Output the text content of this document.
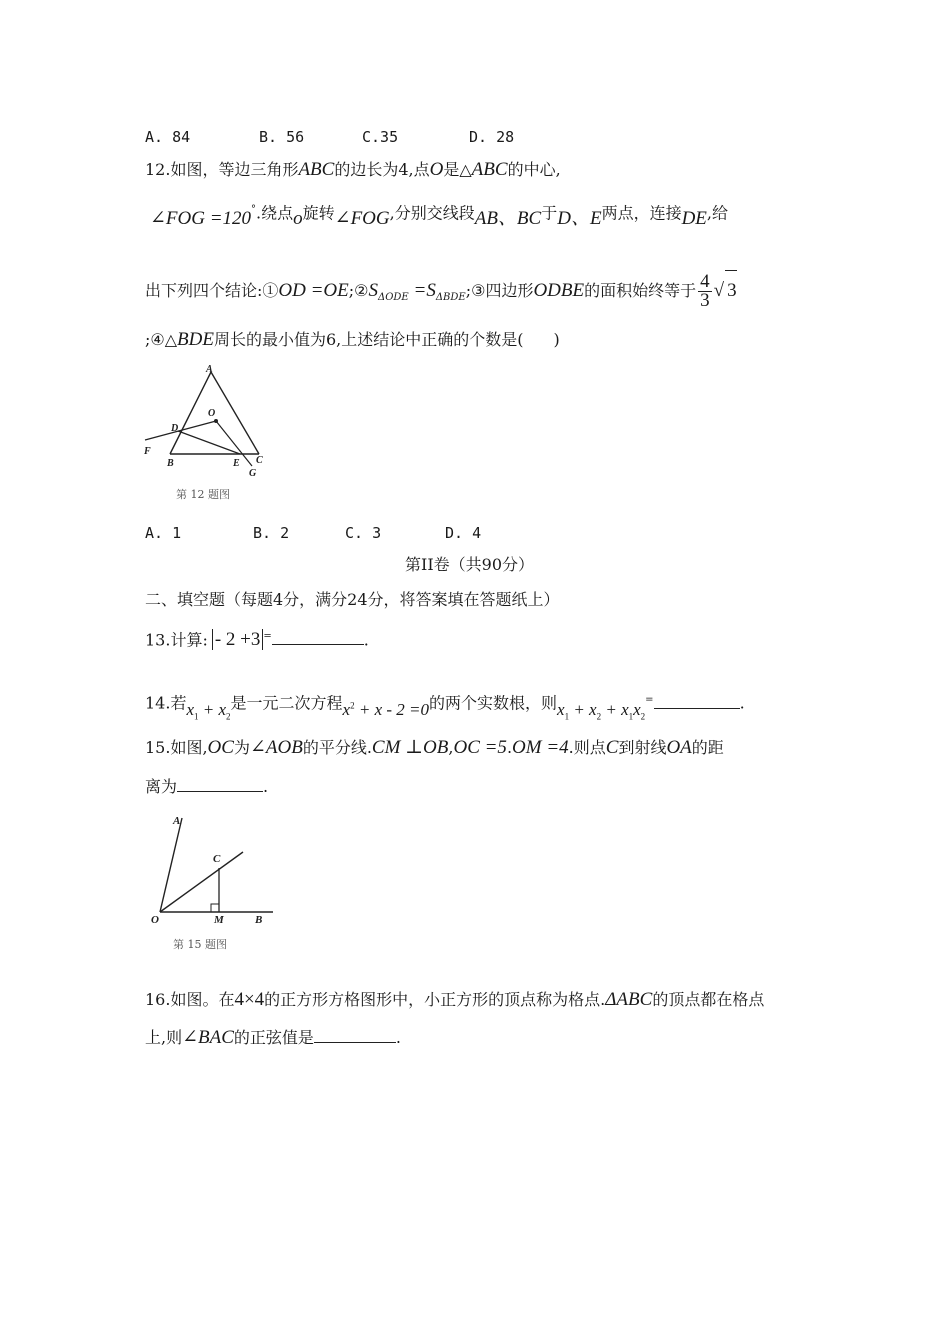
A. 84	B. 56	C.35	D. 28
12.如图，等边三角形ABC的边长为4,点O是△ABC的中心,
∠FOG =120°.绕点o旋转∠FOG,分别交线段AB、BC于D、E两点，连接DE,给
出下列四个结论:①OD $=OE;②S_{\Delta ODE}$ $=S_{\Delta BDE};③$四边形ODBE的面积始终等于 $\frac{4}{3}$ √ 3
;④△BDE周长的最小值为6,上述结论中正确的个数是( )
A
O
D
F
B	E C
G
第 12 题图
A. 1	B. 2	C. 3	D. 4
第II卷（共90分）
二、填空题（每题4分，满分24分，将答案填在答题纸上）
13.计算: - 2 +3 =	.
14.若$x_1 + x_2$是一元二次方程$x^2 + x - 2 =0$的两个实数根，则$x_1 + x_2 + x_1x_2^=$	.
15.如图,OC为∠AOB的平分线.CM ⊥OB,OC =5.OM =4.则点C到射线OA的距
离为	.
A
C
O	M	B
第 15 题图
16.如图。在4×4的正方形方格图形中，小正方形的顶点称为格点.ΔABC的顶点都在格点
上,则∠BAC的正弦值是	.
